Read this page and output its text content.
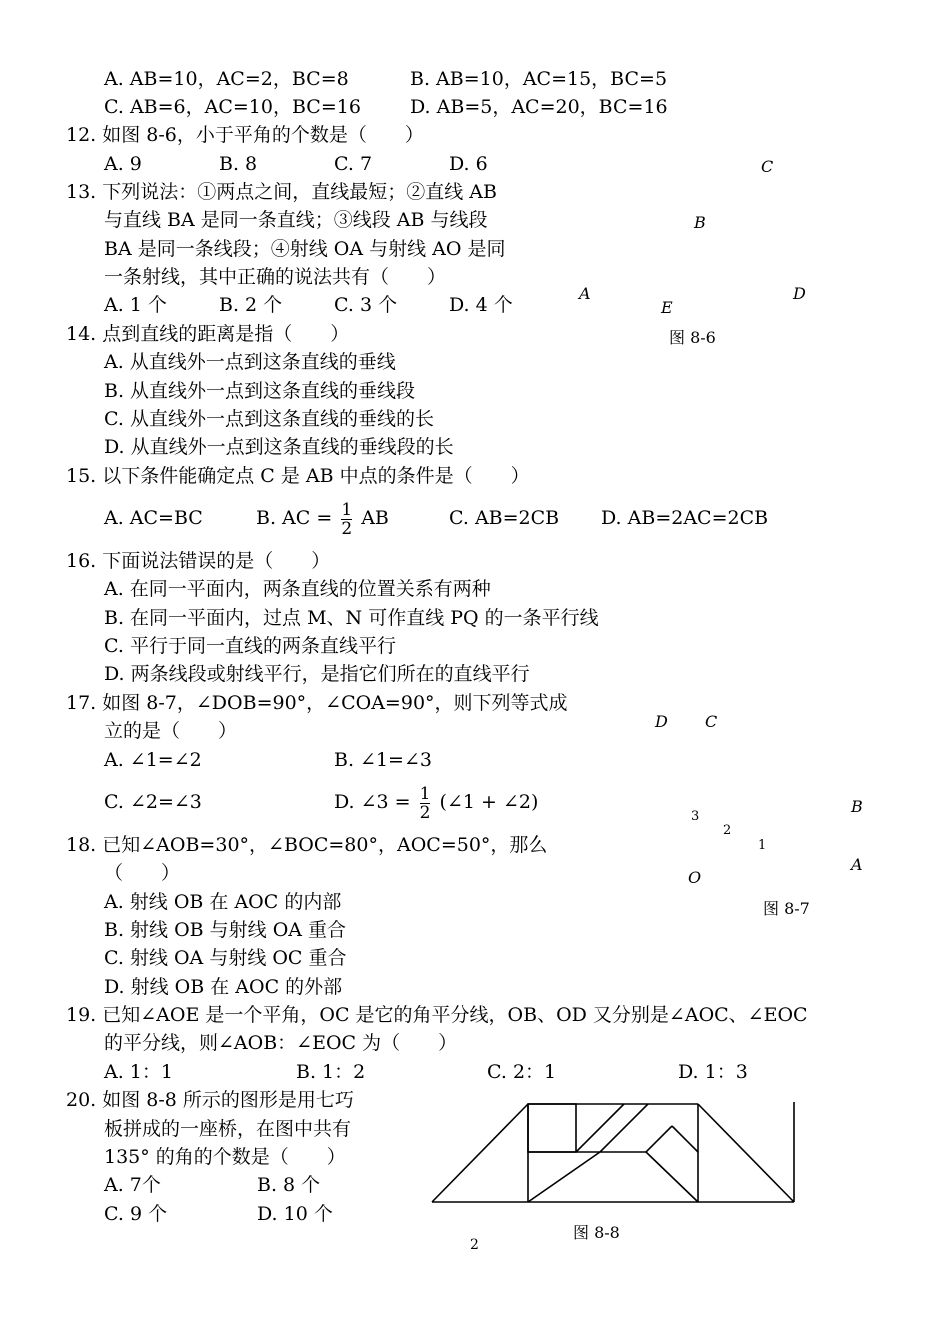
A. AB=10，AC=2，BC=8	B. AB=10，AC=15，BC=5
C. AB=6，AC=10，BC=16	D. AB=5，AC=20，BC=16
12. 如图 8-6，小于平角的个数是（　　）
A. 9	B. 8	C. 7	D. 6
13. 下列说法：①两点之间，直线最短；②直线 AB
与直线 BA 是同一条直线；③线段 AB 与线段
BA 是同一条线段；④射线 OA 与射线 AO 是同
一条射线，其中正确的说法共有（　　）
A. 1 个	B. 2 个	C. 3 个	D. 4 个
C
B
A
E
D
图 8-6
14. 点到直线的距离是指（　　）
A. 从直线外一点到这条直线的垂线
B. 从直线外一点到这条直线的垂线段
C. 从直线外一点到这条直线的垂线的长
D. 从直线外一点到这条直线的垂线段的长
15. 以下条件能确定点 C 是 AB 中点的条件是（　　）
A. AC=BC	B. AC = $\frac{1}{2}$ AB	C. AB=2CB D. AB=2AC=2CB
16. 下面说法错误的是（　　）
A. 在同一平面内，两条直线的位置关系有两种
B. 在同一平面内，过点 M、N 可作直线 PQ 的一条平行线
C. 平行于同一直线的两条直线平行
D. 两条线段或射线平行，是指它们所在的直线平行
17. 如图 8-7，∠DOB=90°，∠COA=90°，则下列等式成
立的是（　　）
A. ∠1=∠2	B. ∠1=∠3
C. ∠2=∠3	D. ∠3 = $\frac{1}{2}$ (∠1 + ∠2)
D C
B
3
2
1
A
O
图 8-7
18. 已知∠AOB=30°，∠BOC=80°，AOC=50°，那么
（　　）
A. 射线 OB 在 AOC 的内部
B. 射线 OB 与射线 OA 重合
C. 射线 OA 与射线 OC 重合
D. 射线 OB 在 AOC 的外部
19. 已知∠AOE 是一个平角，OC 是它的角平分线，OB、OD 又分别是∠AOC、∠EOC
的平分线，则∠AOB：∠EOC 为（　　）
A. 1：1	B. 1：2	C. 2：1	D. 1：3
20. 如图 8-8 所示的图形是用七巧
板拼成的一座桥，在图中共有
135° 的角的个数是（　　）
A. 7个	B. 8 个
C. 9 个	D. 10 个
图 8-8
2
